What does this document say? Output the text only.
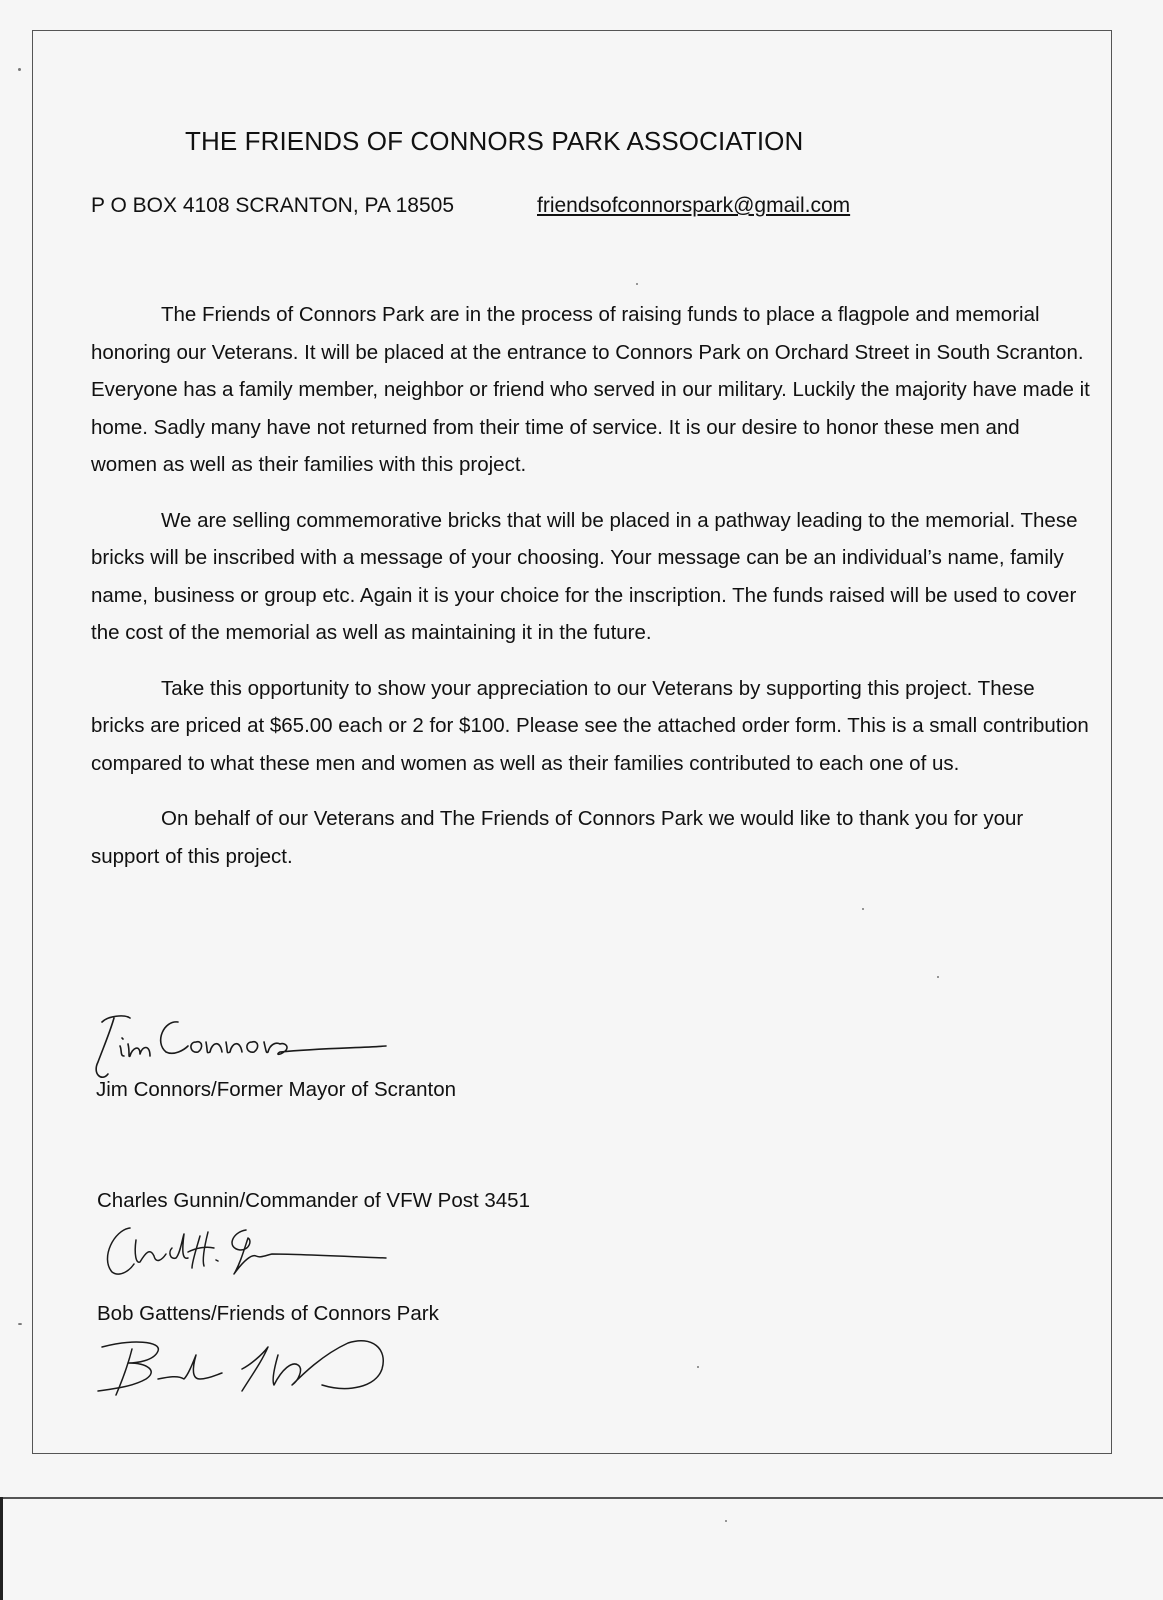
THE FRIENDS OF CONNORS PARK ASSOCIATION
P O BOX 4108 SCRANTON, PA 18505	friendsofconnorspark@gmail.com

The Friends of Connors Park are in the process of raising funds to place a flagpole and memorial honoring our Veterans. It will be placed at the entrance to Connors Park on Orchard Street in South Scranton. Everyone has a family member, neighbor or friend who served in our military. Luckily the majority have made it home. Sadly many have not returned from their time of service. It is our desire to honor these men and women as well as their families with this project.

We are selling commemorative bricks that will be placed in a pathway leading to the memorial. These bricks will be inscribed with a message of your choosing. Your message can be an individual’s name, family name, business or group etc. Again it is your choice for the inscription. The funds raised will be used to cover the cost of the memorial as well as maintaining it in the future.

Take this opportunity to show your appreciation to our Veterans by supporting this project. These bricks are priced at $65.00 each or 2 for $100. Please see the attached order form. This is a small contribution compared to what these men and women as well as their families contributed to each one of us.

On behalf of our Veterans and The Friends of Connors Park we would like to thank you for your support of this project.

Jim Connors/Former Mayor of Scranton
Charles Gunnin/Commander of VFW Post 3451
Bob Gattens/Friends of Connors Park
